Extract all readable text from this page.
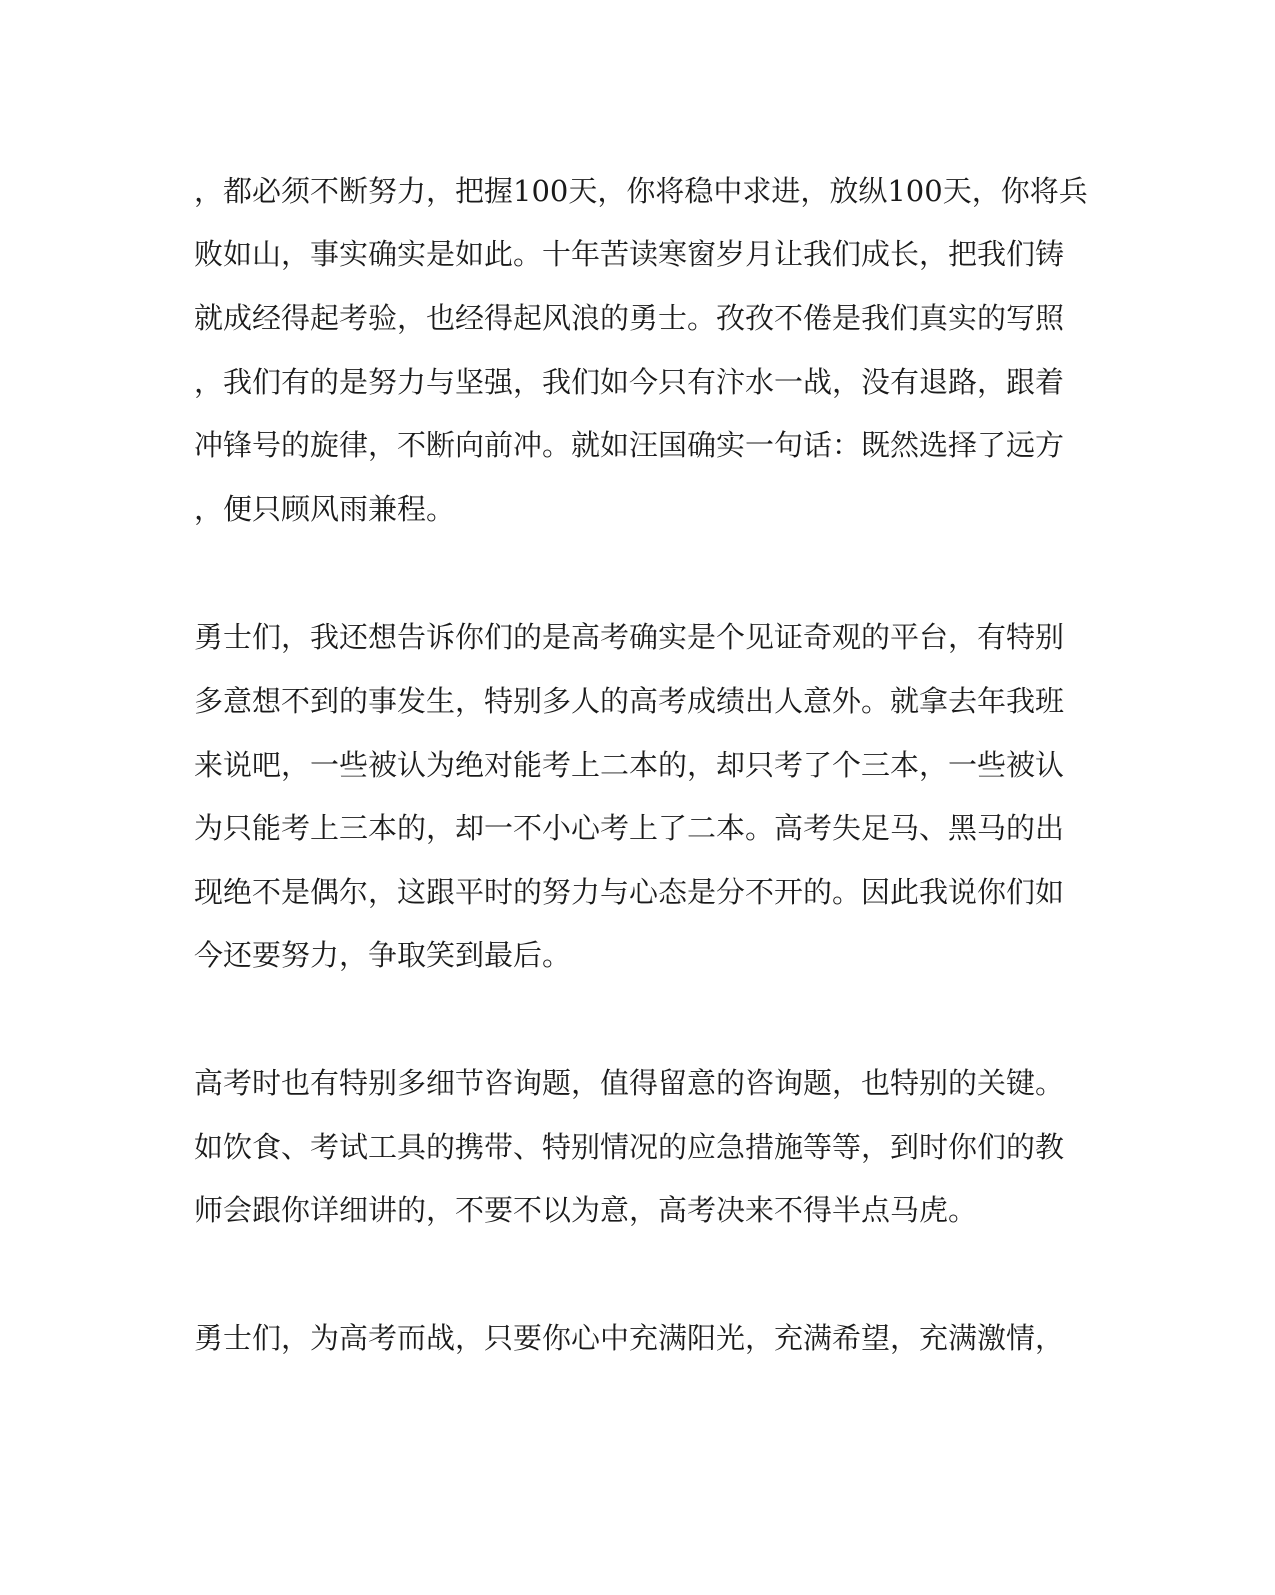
，都必须不断努力，把握100天，你将稳中求进，放纵100天，你将兵
败如山，事实确实是如此。十年苦读寒窗岁月让我们成长，把我们铸
就成经得起考验，也经得起风浪的勇士。孜孜不倦是我们真实的写照
，我们有的是努力与坚强，我们如今只有汴水一战，没有退路，跟着
冲锋号的旋律，不断向前冲。就如汪国确实一句话：既然选择了远方
，便只顾风雨兼程。
勇士们，我还想告诉你们的是高考确实是个见证奇观的平台，有特别
多意想不到的事发生，特别多人的高考成绩出人意外。就拿去年我班
来说吧，一些被认为绝对能考上二本的，却只考了个三本，一些被认
为只能考上三本的，却一不小心考上了二本。高考失足马、黑马的出
现绝不是偶尔，这跟平时的努力与心态是分不开的。因此我说你们如
今还要努力，争取笑到最后。
高考时也有特别多细节咨询题，值得留意的咨询题，也特别的关键。
如饮食、考试工具的携带、特别情况的应急措施等等，到时你们的教
师会跟你详细讲的，不要不以为意，高考决来不得半点马虎。
勇士们，为高考而战，只要你心中充满阳光，充满希望，充满激情，
